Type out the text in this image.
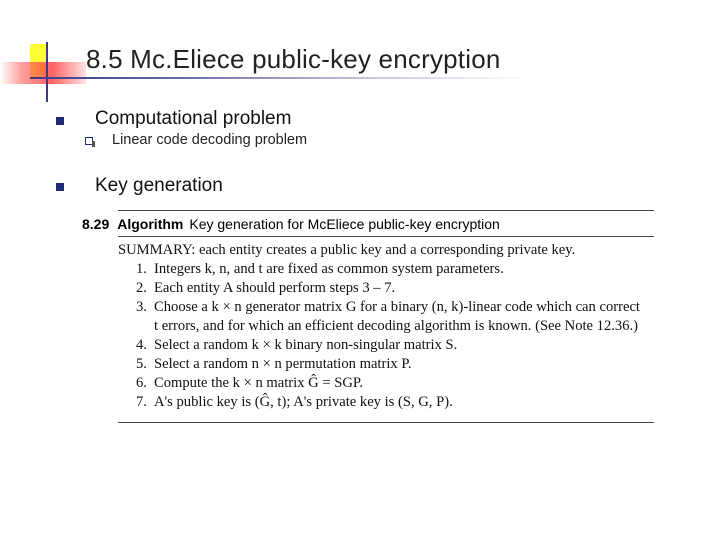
8.5 Mc.Eliece public-key encryption
Computational problem
Linear code decoding problem
Key generation
8.29 Algorithm Key generation for McEliece public-key encryption
SUMMARY: each entity creates a public key and a corresponding private key.
1. Integers k, n, and t are fixed as common system parameters.
2. Each entity A should perform steps 3 – 7.
3. Choose a k × n generator matrix G for a binary (n, k)-linear code which can correct
t errors, and for which an efficient decoding algorithm is known. (See Note 12.36.)
4. Select a random k × k binary non-singular matrix S.
5. Select a random n × n permutation matrix P.
6. Compute the k × n matrix Ĝ = SGP.
7. A's public key is (Ĝ, t); A's private key is (S, G, P).
